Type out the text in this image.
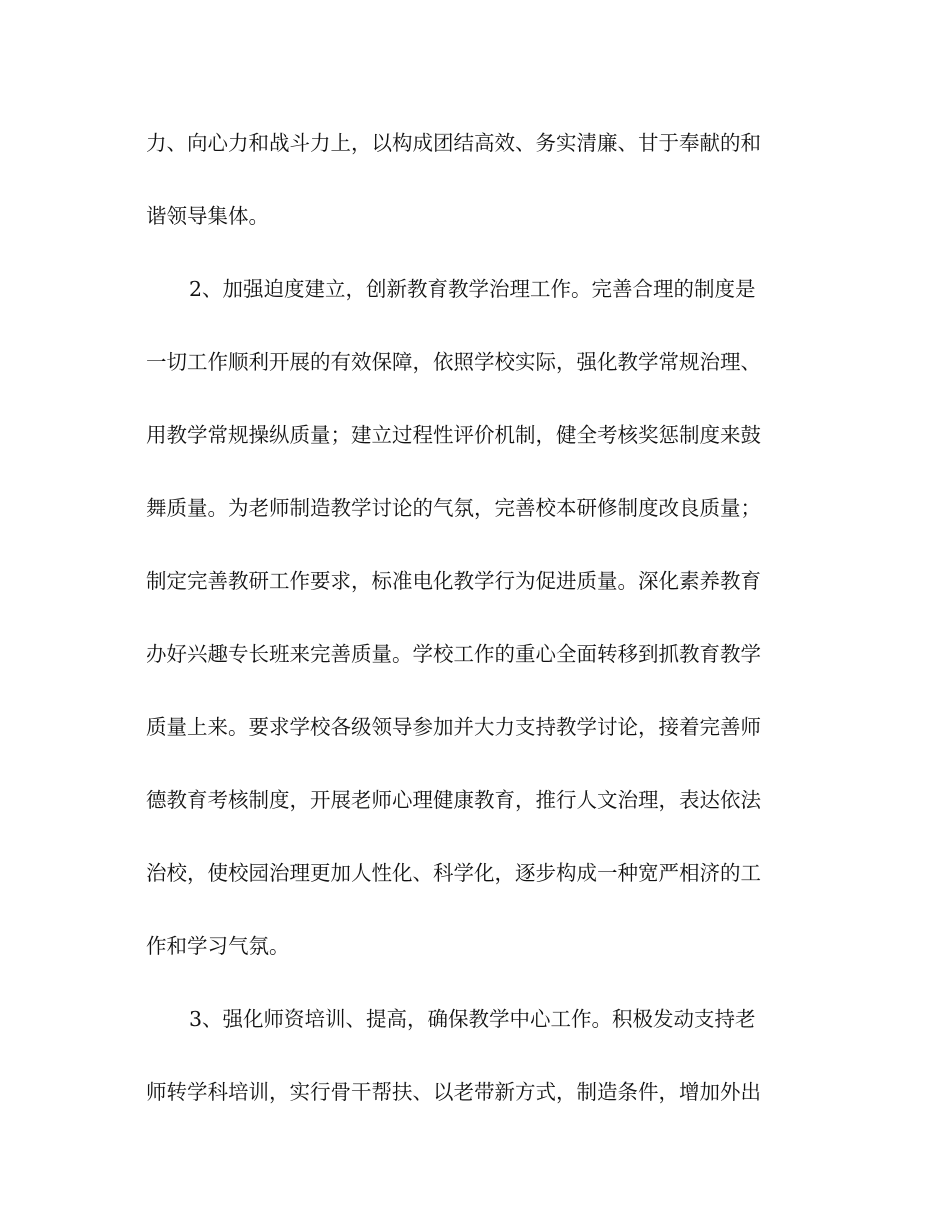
力、向心力和战斗力上，以构成团结高效、务实清廉、甘于奉献的和
谐领导集体。
2、加强迫度建立，创新教育教学治理工作。完善合理的制度是
一切工作顺利开展的有效保障，依照学校实际，强化教学常规治理、
用教学常规操纵质量；建立过程性评价机制，健全考核奖惩制度来鼓
舞质量。为老师制造教学讨论的气氛，完善校本研修制度改良质量；
制定完善教研工作要求，标准电化教学行为促进质量。深化素养教育
办好兴趣专长班来完善质量。学校工作的重心全面转移到抓教育教学
质量上来。要求学校各级领导参加并大力支持教学讨论，接着完善师
德教育考核制度，开展老师心理健康教育，推行人文治理，表达依法
治校，使校园治理更加人性化、科学化，逐步构成一种宽严相济的工
作和学习气氛。
3、强化师资培训、提高，确保教学中心工作。积极发动支持老
师转学科培训，实行骨干帮扶、以老带新方式，制造条件，增加外出
